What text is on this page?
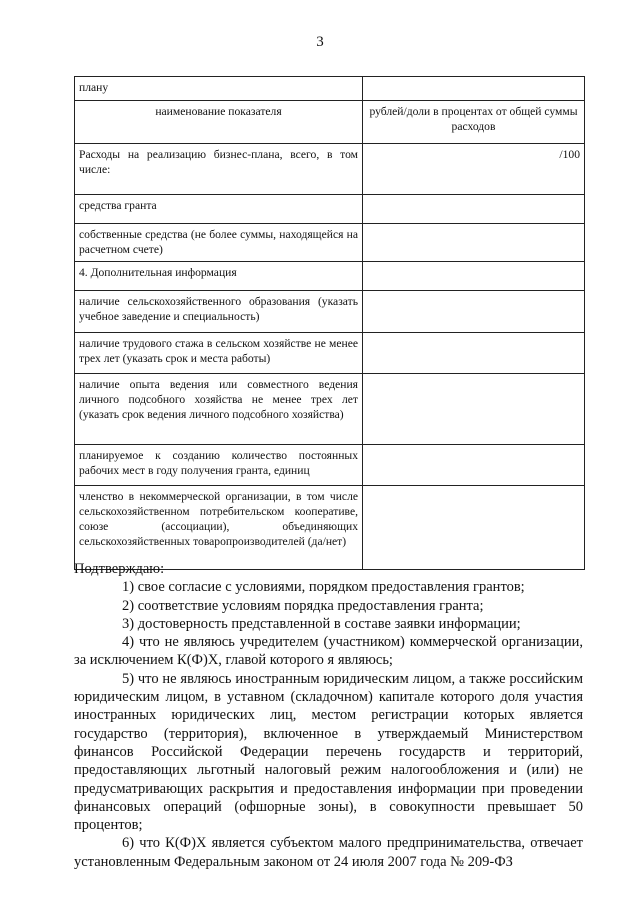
3
плану	
наименование показателя	рублей/доли в процентах от общей суммы расходов
Расходы на реализацию бизнес-плана, всего, в том числе:	/100
средства гранта	
собственные средства (не более суммы, находящейся на расчетном счете)	
4. Дополнительная информация	
наличие сельскохозяйственного образования (указать учебное заведение и специальность)	
наличие трудового стажа в сельском хозяйстве не менее трех лет (указать срок и места работы)	
наличие опыта ведения или совместного ведения личного подсобного хозяйства не менее трех лет (указать срок ведения личного подсобного хозяйства)	
планируемое к созданию количество постоянных рабочих мест в году получения гранта, единиц	
членство в некоммерческой организации, в том числе сельскохозяйственном потребительском кооперативе, союзе (ассоциации), объединяющих сельскохозяйственных товаропроизводителей (да/нет)	

Подтверждаю:

1) свое согласие с условиями, порядком предоставления грантов;

2) соответствие условиям порядка предоставления гранта;

3) достоверность представленной в составе заявки информации;

4) что не являюсь учредителем (участником) коммерческой организации, за исключением К(Ф)Х, главой которого я являюсь;

5) что не являюсь иностранным юридическим лицом, а также российским юридическим лицом, в уставном (складочном) капитале которого доля участия иностранных юридических лиц, местом регистрации которых является государство (территория), включенное в утверждаемый Министерством финансов Российской Федерации перечень государств и территорий, предоставляющих льготный налоговый режим налогообложения и (или) не предусматривающих раскрытия и предоставления информации при проведении финансовых операций (офшорные зоны), в совокупности превышает 50 процентов;

6) что К(Ф)Х является субъектом малого предпринимательства, отвечает установленным Федеральным законом от 24 июля 2007 года № 209-ФЗ
